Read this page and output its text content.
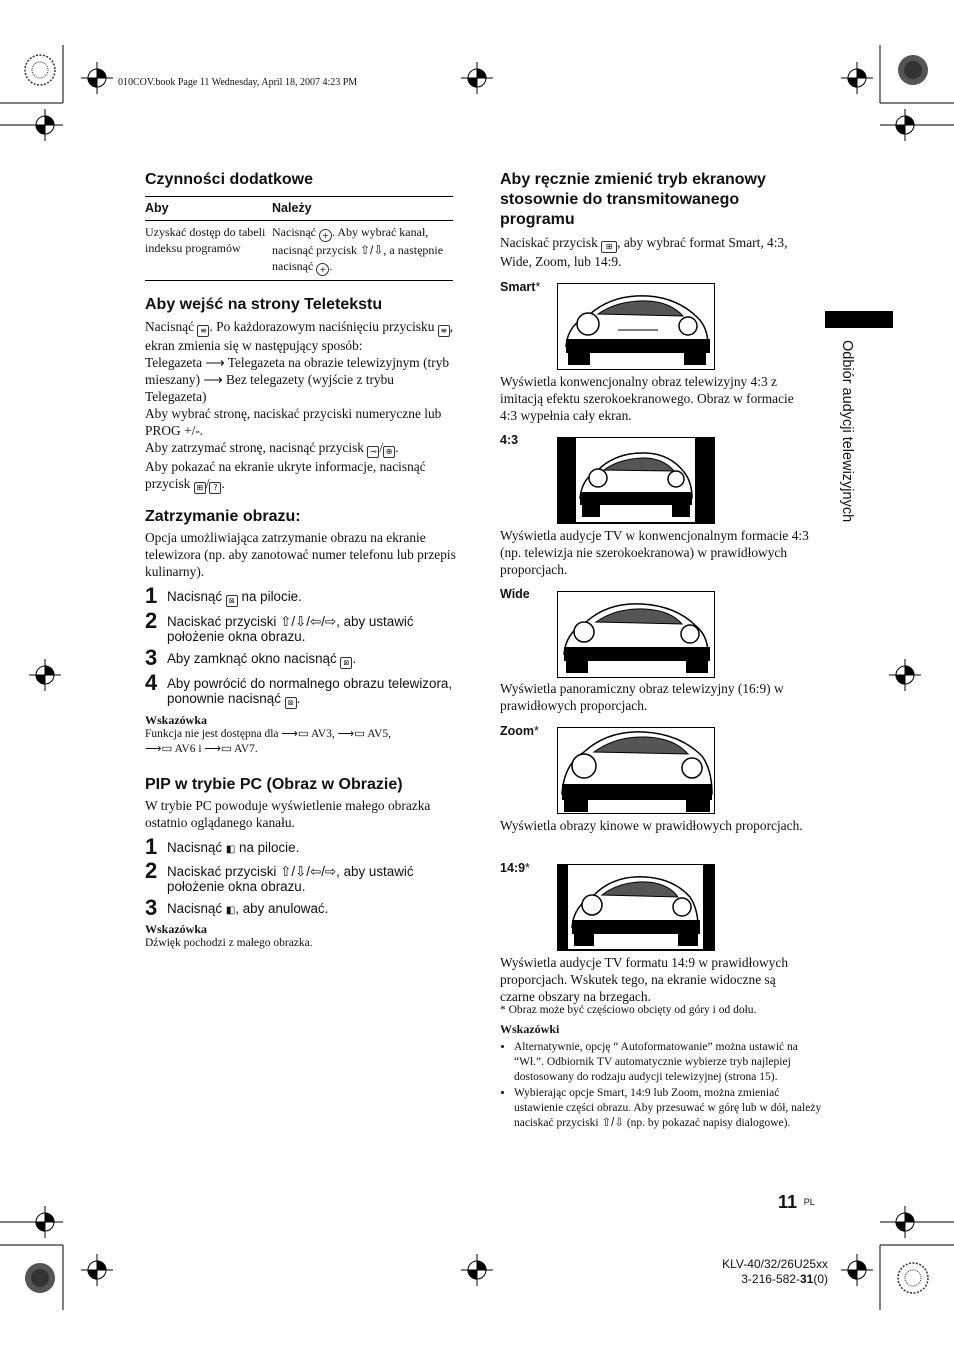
010COV.book Page 11 Wednesday, April 18, 2007 4:23 PM
Odbiór audycji telewizyjnych
Czynności dodatkowe
Aby	Należy
Uzyskać dostęp do tabeli indeksu programów	Nacisnąć + . Aby wybrać kanał, nacisnąć przycisk ⇧/⇩, a następnie nacisnąć + .
Aby wejść na strony Teletekstu

Nacisnąć ≡ . Po każdorazowym naciśnięciu przycisku ≡ , ekran zmienia się w następujący sposób:

Telegazeta ⟶ Telegazeta na obrazie telewizyjnym (tryb mieszany) ⟶ Bez telegazety (wyjście z trybu Telegazeta)

Aby wybrać stronę, naciskać przyciski numeryczne lub PROG +/-.

Aby zatrzymać stronę, nacisnąć przycisk ⊸ / ⊕ .

Aby pokazać na ekranie ukryte informacje, nacisnąć przycisk ⊞ / ? .

Zatrzymanie obrazu:

Opcja umożliwiająca zatrzymanie obrazu na ekranie telewizora (np. aby zanotować numer telefonu lub przepis kulinarny).

1 Nacisnąć ⊠ na pilocie.
2 Naciskać przyciski ⇧/⇩/⇦/⇨, aby ustawić położenie okna obrazu.
3 Aby zamknąć okno nacisnąć ⊠ .
4 Aby powrócić do normalnego obrazu telewizora, ponownie nacisnąć ⊠ .
Wskazówka
Funkcja nie jest dostępna dla ⟶▭ AV3, ⟶▭ AV5,
⟶▭ AV6 i ⟶▭ AV7.
PIP w trybie PC (Obraz w Obrazie)

W trybie PC powoduje wyświetlenie małego obrazka ostatnio oglądanego kanału.

1 Nacisnąć ◧ na pilocie.
2 Naciskać przyciski ⇧/⇩/⇦/⇨, aby ustawić położenie okna obrazu.
3 Nacisnąć ◧, aby anulować.
Wskazówka
Dźwięk pochodzi z małego obrazka.
Aby ręcznie zmienić tryb ekranowy stosownie do transmitowanego programu

Naciskać przycisk ⊞ , aby wybrać format Smart, 4:3, Wide, Zoom, lub 14:9.

Smart*
Wyświetla konwencjonalny obraz telewizyjny 4:3 z imitacją efektu szerokoekranowego. Obraz w formacie 4:3 wypełnia cały ekran.
4:3
Wyświetla audycje TV w konwencjonalnym formacie 4:3 (np. telewizja nie szerokoekranowa) w prawidłowych proporcjach.
Wide
Wyświetla panoramiczny obraz telewizyjny (16:9) w prawidłowych proporcjach.
Zoom*
Wyświetla obrazy kinowe w prawidłowych proporcjach.
14:9*
Wyświetla audycje TV formatu 14:9 w prawidłowych proporcjach. Wskutek tego, na ekranie widoczne są czarne obszary na brzegach.
* Obraz może być częściowo obcięty od góry i od dołu.
Wskazówki
• Alternatywnie, opcję “ Autoformatowanie” można ustawić na “Wł.”. Odbiornik TV automatycznie wybierze tryb najlepiej dostosowany do rodzaju audycji telewizyjnej (strona 15).
• Wybierając opcje Smart, 14:9 lub Zoom, można zmieniać ustawienie części obrazu. Aby przesuwać w górę lub w dół, należy naciskać przyciski ⇧/⇩ (np. by pokazać napisy dialogowe).
11 $^{PL}$
KLV-40/32/26U25xx
3-216-582-31(0)
